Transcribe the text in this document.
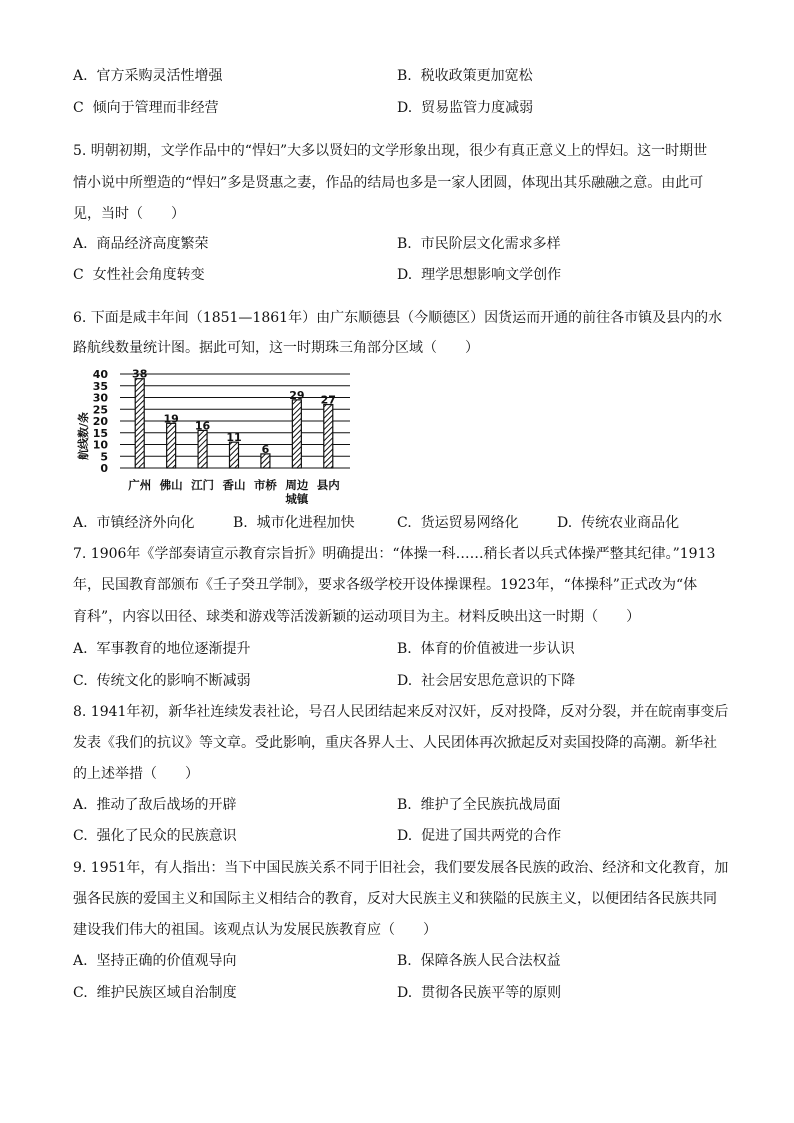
A. 官方采购灵活性增强	B. 税收政策更加宽松
C 倾向于管理而非经营	D. 贸易监管力度减弱
5. 明朝初期，文学作品中的“悍妇”大多以贤妇的文学形象出现，很少有真正意义上的悍妇。这一时期世
情小说中所塑造的“悍妇”多是贤惠之妻，作品的结局也多是一家人团圆，体现出其乐融融之意。由此可
见，当时（　　）
A. 商品经济高度繁荣	B. 市民阶层文化需求多样
C 女性社会角度转变	D. 理学思想影响文学创作
6. 下面是咸丰年间（1851—1861年）由广东顺德县（今顺德区）因货运而开通的前往各市镇及县内的水
路航线数量统计图。据此可知，这一时期珠三角部分区域（　　）
0
5
10
15
20
25
30
35
40 38
19
16
11
6
29 27
广州 佛山 江门 香山 市桥 周边
城镇
县内
航线数/条
A. 市镇经济外向化	B. 城市化进程加快	C. 货运贸易网络化	D. 传统农业商品化
7. 1906年《学部奏请宣示教育宗旨折》明确提出：“体操一科……稍长者以兵式体操严整其纪律。”1913
年，民国教育部颁布《壬子癸丑学制》，要求各级学校开设体操课程。1923年，“体操科”正式改为“体
育科”，内容以田径、球类和游戏等活泼新颖的运动项目为主。材料反映出这一时期（　　）
A. 军事教育的地位逐渐提升	B. 体育的价值被进一步认识
C. 传统文化的影响不断减弱	D. 社会居安思危意识的下降
8. 1941年初，新华社连续发表社论，号召人民团结起来反对汉奸，反对投降，反对分裂，并在皖南事变后
发表《我们的抗议》等文章。受此影响，重庆各界人士、人民团体再次掀起反对卖国投降的高潮。新华社
的上述举措（　　）
A. 推动了敌后战场的开辟	B. 维护了全民族抗战局面
C. 强化了民众的民族意识	D. 促进了国共两党的合作
9. 1951年，有人指出：当下中国民族关系不同于旧社会，我们要发展各民族的政治、经济和文化教育，加
强各民族的爱国主义和国际主义相结合的教育，反对大民族主义和狭隘的民族主义，以便团结各民族共同
建设我们伟大的祖国。该观点认为发展民族教育应（　　）
A. 坚持正确的价值观导向	B. 保障各族人民合法权益
C. 维护民族区域自治制度	D. 贯彻各民族平等的原则
